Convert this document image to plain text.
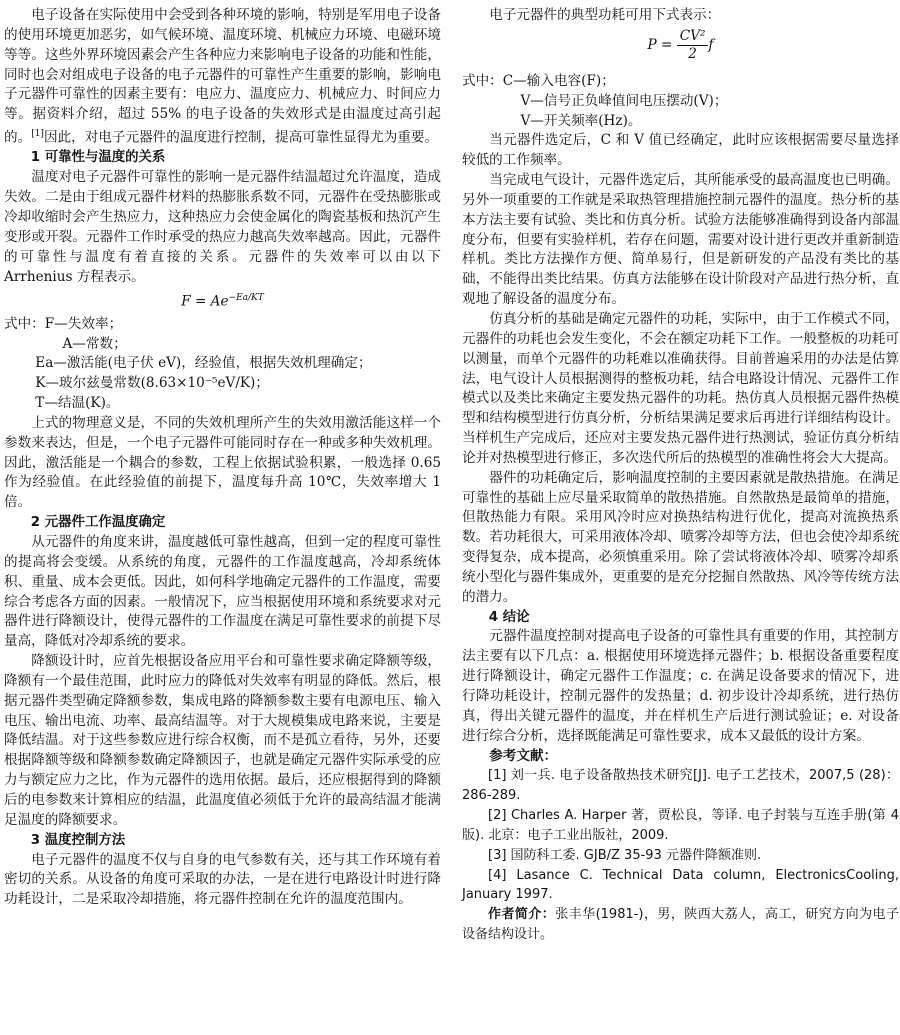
电子设备在实际使用中会受到各种环境的影响，特别是军用电子设备的使用环境更加恶劣，如气候环境、温度环境、机械应力环境、电磁环境等等。这些外界环境因素会产生各种应力来影响电子设备的功能和性能，同时也会对组成电子设备的电子元器件的可靠性产生重要的影响，影响电子元器件可靠性的因素主要有：电应力、温度应力、机械应力、时间应力等。据资料介绍，超过 55% 的电子设备的失效形式是由温度过高引起的。[1]因此，对电子元器件的温度进行控制，提高可靠性显得尤为重要。

1 可靠性与温度的关系

温度对电子元器件可靠性的影响一是元器件结温超过允许温度，造成失效。二是由于组成元器件材料的热膨胀系数不同，元器件在受热膨胀或冷却收缩时会产生热应力，这种热应力会使金属化的陶瓷基板和热沉产生变形或开裂。元器件工作时承受的热应力越高失效率越高。因此，元器件的可靠性与温度有着直接的关系。元器件的失效率可以由以下 Arrhenius 方程表示。

$F = Ae^{-Ea/KT}$
式中：F—失效率；
A—常数；
Ea—激活能(电子伏 eV)，经验值，根据失效机理确定；
K—玻尔兹曼常数(8.63×10⁻⁵eV/K)；
T—结温(K)。

上式的物理意义是，不同的失效机理所产生的失效用激活能这样一个参数来表达，但是，一个电子元器件可能同时存在一种或多种失效机理。因此，激活能是一个耦合的参数，工程上依据试验积累，一般选择 0.65 作为经验值。在此经验值的前提下，温度每升高 10℃，失效率增大 1 倍。

2 元器件工作温度确定

从元器件的角度来讲，温度越低可靠性越高，但到一定的程度可靠性的提高将会变缓。从系统的角度，元器件的工作温度越高，冷却系统体积、重量、成本会更低。因此，如何科学地确定元器件的工作温度，需要综合考虑各方面的因素。一般情况下，应当根据使用环境和系统要求对元器件进行降额设计，使得元器件的工作温度在满足可靠性要求的前提下尽量高，降低对冷却系统的要求。

降额设计时，应首先根据设备应用平台和可靠性要求确定降额等级，降额有一个最佳范围，此时应力的降低对失效率有明显的降低。然后，根据元器件类型确定降额参数，集成电路的降额参数主要有电源电压、输入电压、输出电流、功率、最高结温等。对于大规模集成电路来说，主要是降低结温。对于这些参数应进行综合权衡，而不是孤立看待，另外，还要根据降额等级和降额参数确定降额因子，也就是确定元器件实际承受的应力与额定应力之比，作为元器件的选用依据。最后，还应根据得到的降额后的电参数来计算相应的结温，此温度值必须低于允许的最高结温才能满足温度的降额要求。

3 温度控制方法

电子元器件的温度不仅与自身的电气参数有关，还与其工作环境有着密切的关系。从设备的角度可采取的办法，一是在进行电路设计时进行降功耗设计，二是采取冷却措施，将元器件控制在允许的温度范围内。

电子元器件的典型功耗可用下式表示：

$P = \frac{\text{CV²}}{2}$ f
式中：C—输入电容(F)；
V—信号正负峰值间电压摆动(V)；
V—开关频率(Hz)。

当元器件选定后，C 和 V 值已经确定，此时应该根据需要尽量选择较低的工作频率。

当完成电气设计，元器件选定后，其所能承受的最高温度也已明确。另外一项重要的工作就是采取热管理措施控制元器件的温度。热分析的基本方法主要有试验、类比和仿真分析。试验方法能够准确得到设备内部温度分布，但要有实验样机，若存在问题，需要对设计进行更改并重新制造样机。类比方法操作方便、简单易行，但是新研发的产品没有类比的基础，不能得出类比结果。仿真方法能够在设计阶段对产品进行热分析，直观地了解设备的温度分布。

仿真分析的基础是确定元器件的功耗，实际中，由于工作模式不同，元器件的功耗也会发生变化，不会在额定功耗下工作。一般整板的功耗可以测量，而单个元器件的功耗难以准确获得。目前普遍采用的办法是估算法，电气设计人员根据测得的整板功耗，结合电路设计情况、元器件工作模式以及类比来确定主要发热元器件的功耗。热仿真人员根据元器件热模型和结构模型进行仿真分析，分析结果满足要求后再进行详细结构设计。当样机生产完成后，还应对主要发热元器件进行热测试，验证仿真分析结论并对热模型进行修正，多次迭代所后的热模型的准确性将会大大提高。

器件的功耗确定后，影响温度控制的主要因素就是散热措施。在满足可靠性的基础上应尽量采取简单的散热措施。自然散热是最简单的措施，但散热能力有限。采用风冷时应对换热结构进行优化，提高对流换热系数。若功耗很大，可采用液体冷却、喷雾冷却等方法，但也会使冷却系统变得复杂，成本提高，必须慎重采用。除了尝试将液体冷却、喷雾冷却系统小型化与器件集成外，更重要的是充分挖掘自然散热、风冷等传统方法的潜力。

4 结论

元器件温度控制对提高电子设备的可靠性具有重要的作用，其控制方法主要有以下几点：a. 根据使用环境选择元器件；b. 根据设备重要程度进行降额设计，确定元器件工作温度；c. 在满足设备要求的情况下，进行降功耗设计，控制元器件的发热量；d. 初步设计冷却系统，进行热仿真，得出关键元器件的温度，并在样机生产后进行测试验证；e. 对设备进行综合分析，选择既能满足可靠性要求，成本又最低的设计方案。

参考文献：
[1] 刘一兵. 电子设备散热技术研究[J]. 电子工艺技术，2007,5 (28)：286-289.
[2] Charles A. Harper 著，贾松良，等译. 电子封装与互连手册(第 4 版). 北京：电子工业出版社，2009.
[3] 国防科工委. GJB/Z 35-93 元器件降额准则.
[4] Lasance C. Technical Data column, ElectronicsCooling, January 1997.
作者简介：张丰华(1981-)，男，陕西大荔人，高工，研究方向为电子设备结构设计。
